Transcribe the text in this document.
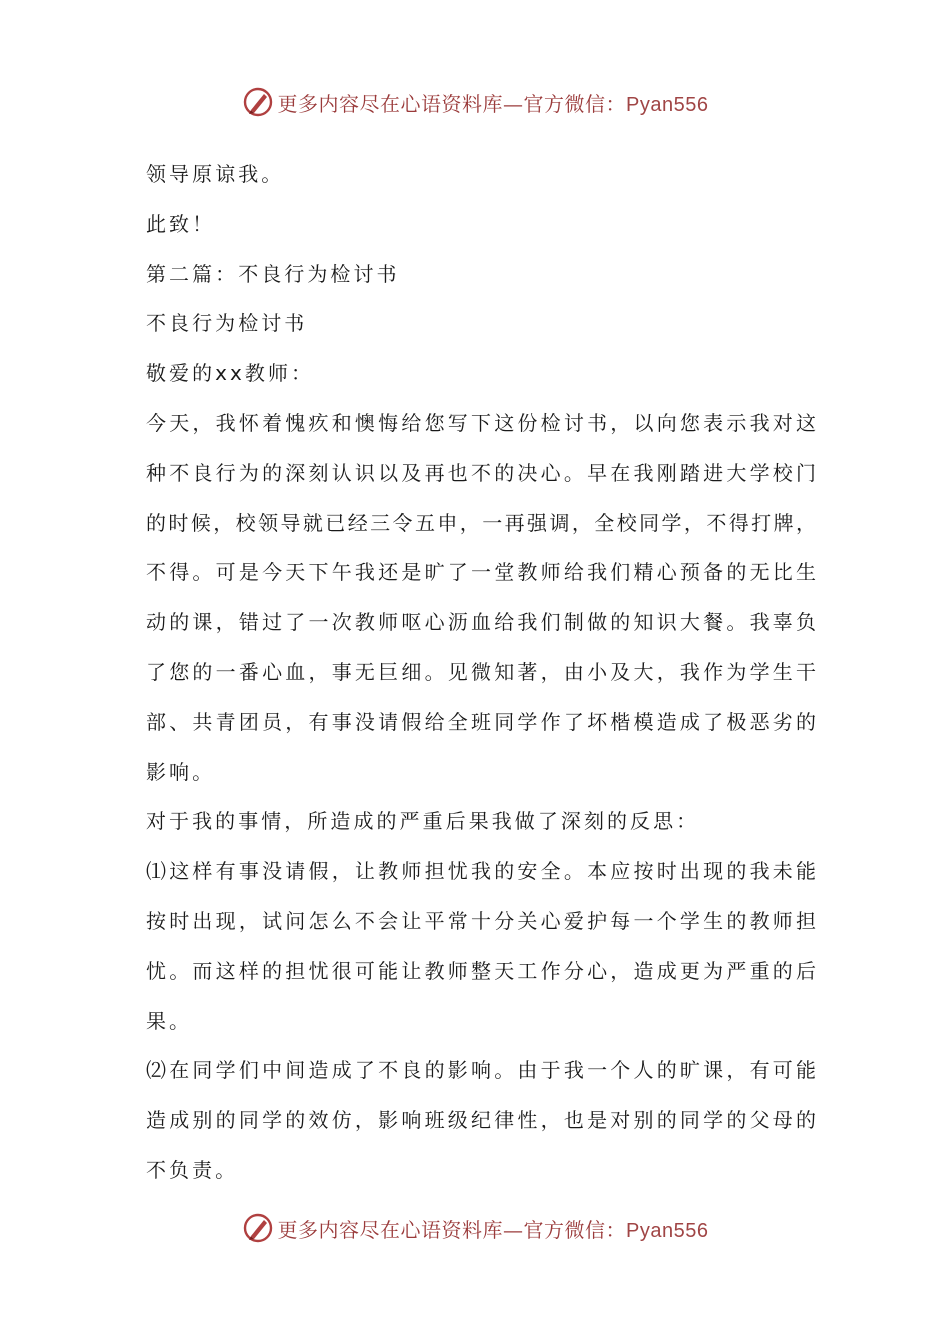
更多内容尽在心语资料库—官方微信：Pyan556
领导原谅我。
此致！
第二篇：不良行为检讨书
不良行为检讨书
敬爱的xx教师：
今天，我怀着愧疚和懊悔给您写下这份检讨书，以向您表示我对这
种不良行为的深刻认识以及再也不的决心。早在我刚踏进大学校门
的时候，校领导就已经三令五申，一再强调，全校同学，不得打牌，
不得。可是今天下午我还是旷了一堂教师给我们精心预备的无比生
动的课，错过了一次教师呕心沥血给我们制做的知识大餐。我辜负
了您的一番心血，事无巨细。见微知著，由小及大，我作为学生干
部、共青团员，有事没请假给全班同学作了坏楷模造成了极恶劣的
影响。
对于我的事情，所造成的严重后果我做了深刻的反思：
⑴这样有事没请假，让教师担忧我的安全。本应按时出现的我未能
按时出现，试问怎么不会让平常十分关心爱护每一个学生的教师担
忧。而这样的担忧很可能让教师整天工作分心，造成更为严重的后
果。
⑵在同学们中间造成了不良的影响。由于我一个人的旷课，有可能
造成别的同学的效仿，影响班级纪律性，也是对别的同学的父母的
不负责。
更多内容尽在心语资料库—官方微信：Pyan556
